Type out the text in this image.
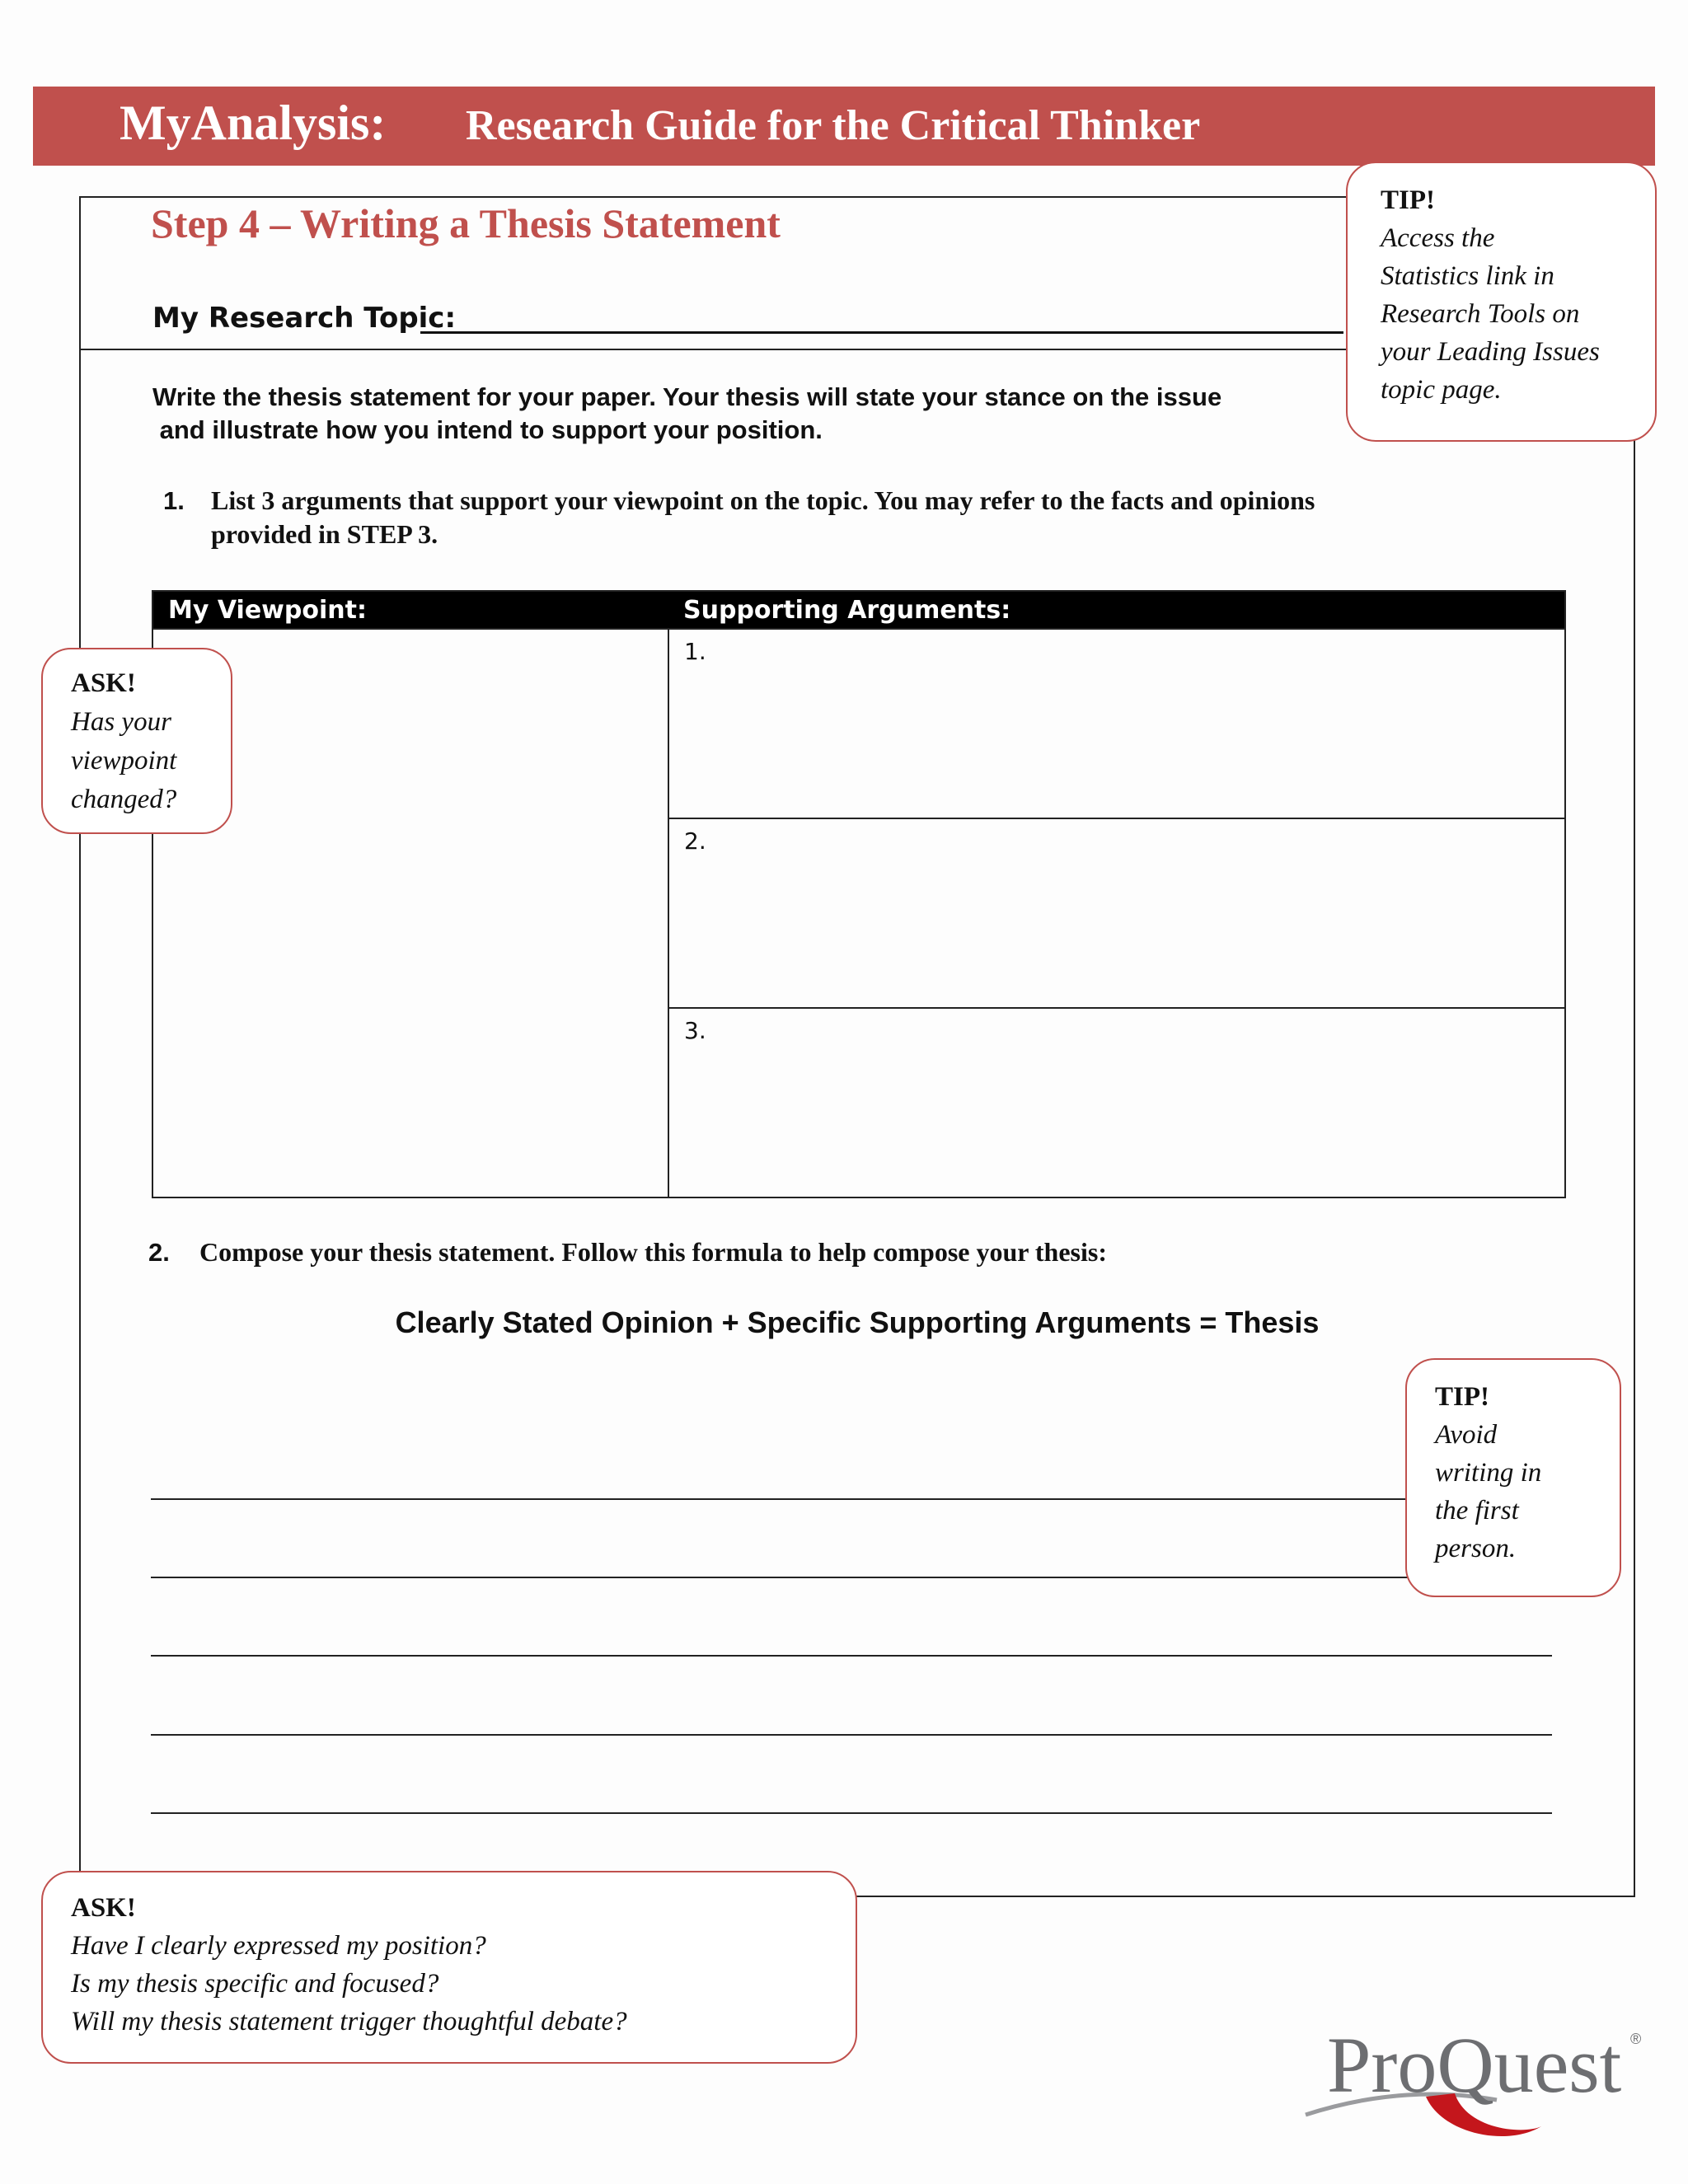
MyAnalysis: Research Guide for the Critical Thinker
Step 4 – Writing a Thesis Statement
My Research Topic:
Write the thesis statement for your paper. Your thesis will state your stance on the issue
and illustrate how you intend to support your position.
1. List 3 arguments that support your viewpoint on the topic. You may refer to the facts and opinions
provided in STEP 3.
My Viewpoint:	Supporting Arguments:
	1.
	2.
	3.
2. Compose your thesis statement. Follow this formula to help compose your thesis:
Clearly Stated Opinion + Specific Supporting Arguments = Thesis
TIP!
Access the
Statistics link in
Research Tools on
your Leading Issues
topic page.
ASK!
Has your
viewpoint
changed?
TIP!
Avoid
writing in
the first
person.
ASK!
Have I clearly expressed my position?
Is my thesis specific and focused?
Will my thesis statement trigger thoughtful debate?	ProQuest ®
